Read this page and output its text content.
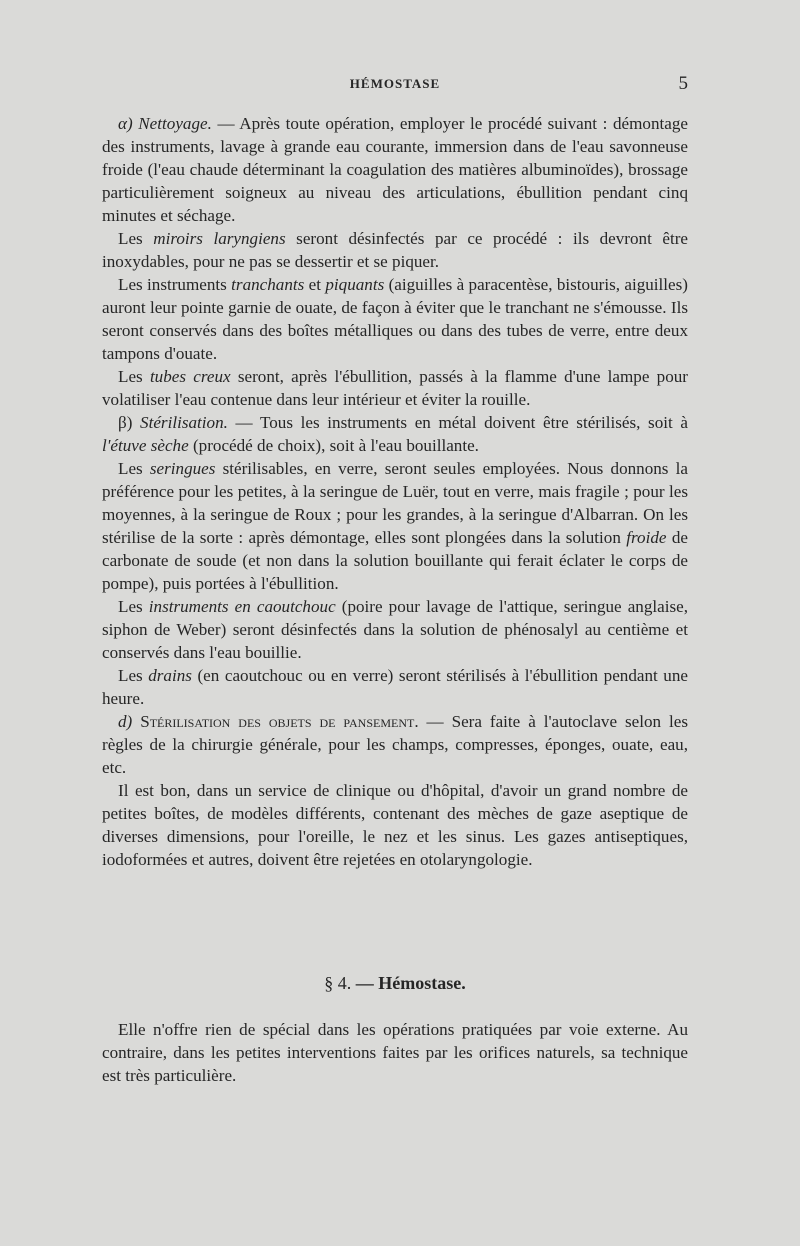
HÉMOSTASE	5

α) Nettoyage. — Après toute opération, employer le procédé suivant : démontage des instruments, lavage à grande eau courante, immersion dans de l'eau savonneuse froide (l'eau chaude déterminant la coagulation des matières albuminoïdes), brossage particulièrement soigneux au niveau des articulations, ébullition pendant cinq minutes et séchage.

Les miroirs laryngiens seront désinfectés par ce procédé : ils devront être inoxydables, pour ne pas se dessertir et se piquer.

Les instruments tranchants et piquants (aiguilles à paracentèse, bistouris, aiguilles) auront leur pointe garnie de ouate, de façon à éviter que le tranchant ne s'émousse. Ils seront conservés dans des boîtes métalliques ou dans des tubes de verre, entre deux tampons d'ouate.

Les tubes creux seront, après l'ébullition, passés à la flamme d'une lampe pour volatiliser l'eau contenue dans leur intérieur et éviter la rouille.

β) Stérilisation. — Tous les instruments en métal doivent être stérilisés, soit à l'étuve sèche (procédé de choix), soit à l'eau bouillante.

Les seringues stérilisables, en verre, seront seules employées. Nous donnons la préférence pour les petites, à la seringue de Luër, tout en verre, mais fragile ; pour les moyennes, à la seringue de Roux ; pour les grandes, à la seringue d'Albarran. On les stérilise de la sorte : après démontage, elles sont plongées dans la solution froide de carbonate de soude (et non dans la solution bouillante qui ferait éclater le corps de pompe), puis portées à l'ébullition.

Les instruments en caoutchouc (poire pour lavage de l'attique, seringue anglaise, siphon de Weber) seront désinfectés dans la solution de phénosalyl au centième et conservés dans l'eau bouillie.

Les drains (en caoutchouc ou en verre) seront stérilisés à l'ébullition pendant une heure.

d) Stérilisation des objets de pansement. — Sera faite à l'autoclave selon les règles de la chirurgie générale, pour les champs, compresses, éponges, ouate, eau, etc.

Il est bon, dans un service de clinique ou d'hôpital, d'avoir un grand nombre de petites boîtes, de modèles différents, contenant des mèches de gaze aseptique de diverses dimensions, pour l'oreille, le nez et les sinus. Les gazes antiseptiques, iodoformées et autres, doivent être rejetées en otolaryngologie.

§ 4. — Hémostase.

Elle n'offre rien de spécial dans les opérations pratiquées par voie externe. Au contraire, dans les petites interventions faites par les orifices naturels, sa technique est très particulière.
